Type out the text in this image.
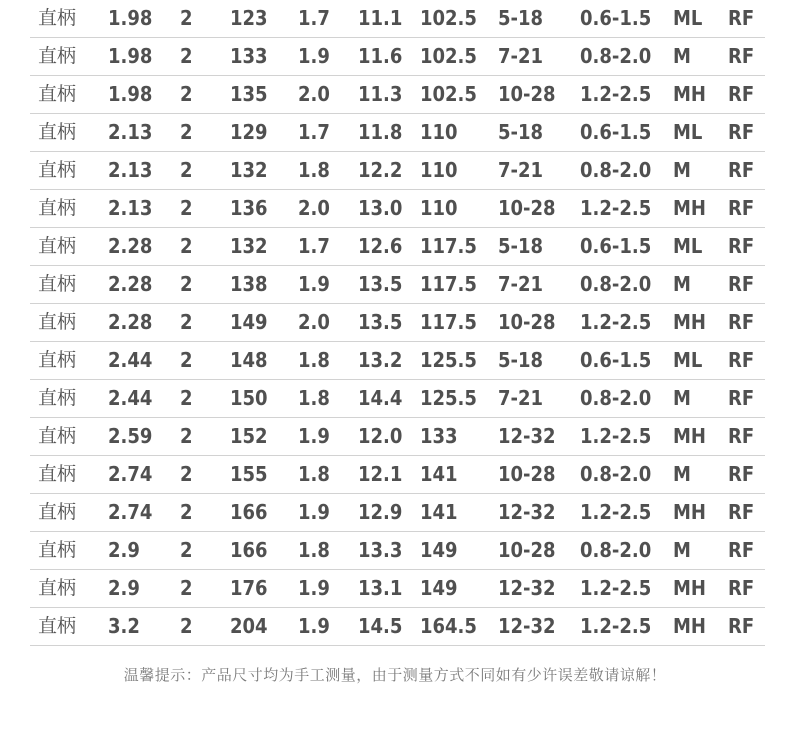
直柄 1.98 2 123 1.7 11.1 102.5 5-18 0.6-1.5 ML RF
直柄 1.98 2 133 1.9 11.6 102.5 7-21 0.8-2.0 M RF
直柄 1.98 2 135 2.0 11.3 102.5 10-28 1.2-2.5 MH RF
直柄 2.13 2 129 1.7 11.8 110 5-18 0.6-1.5 ML RF
直柄 2.13 2 132 1.8 12.2 110 7-21 0.8-2.0 M RF
直柄 2.13 2 136 2.0 13.0 110 10-28 1.2-2.5 MH RF
直柄 2.28 2 132 1.7 12.6 117.5 5-18 0.6-1.5 ML RF
直柄 2.28 2 138 1.9 13.5 117.5 7-21 0.8-2.0 M RF
直柄 2.28 2 149 2.0 13.5 117.5 10-28 1.2-2.5 MH RF
直柄 2.44 2 148 1.8 13.2 125.5 5-18 0.6-1.5 ML RF
直柄 2.44 2 150 1.8 14.4 125.5 7-21 0.8-2.0 M RF
直柄 2.59 2 152 1.9 12.0 133 12-32 1.2-2.5 MH RF
直柄 2.74 2 155 1.8 12.1 141 10-28 0.8-2.0 M RF
直柄 2.74 2 166 1.9 12.9 141 12-32 1.2-2.5 MH RF
直柄 2.9 2 166 1.8 13.3 149 10-28 0.8-2.0 M RF
直柄 2.9 2 176 1.9 13.1 149 12-32 1.2-2.5 MH RF
直柄 3.2 2 204 1.9 14.5 164.5 12-32 1.2-2.5 MH RF
温馨提示：产品尺寸均为手工测量，由于测量方式不同如有少许误差敬请谅解！
